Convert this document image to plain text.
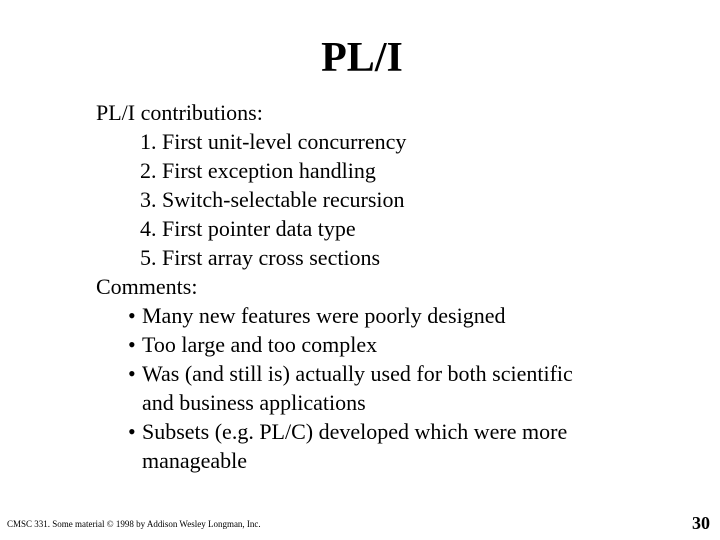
PL/I
PL/I contributions:
1. First unit-level concurrency
2. First exception handling
3. Switch-selectable recursion
4. First pointer data type
5. First array cross sections
Comments:
• Many new features were poorly designed
• Too large and too complex
• Was (and still is) actually used for both scientific
and business applications
• Subsets (e.g. PL/C) developed which were more
manageable
CMSC 331. Some material © 1998 by Addison Wesley Longman, Inc.	30
